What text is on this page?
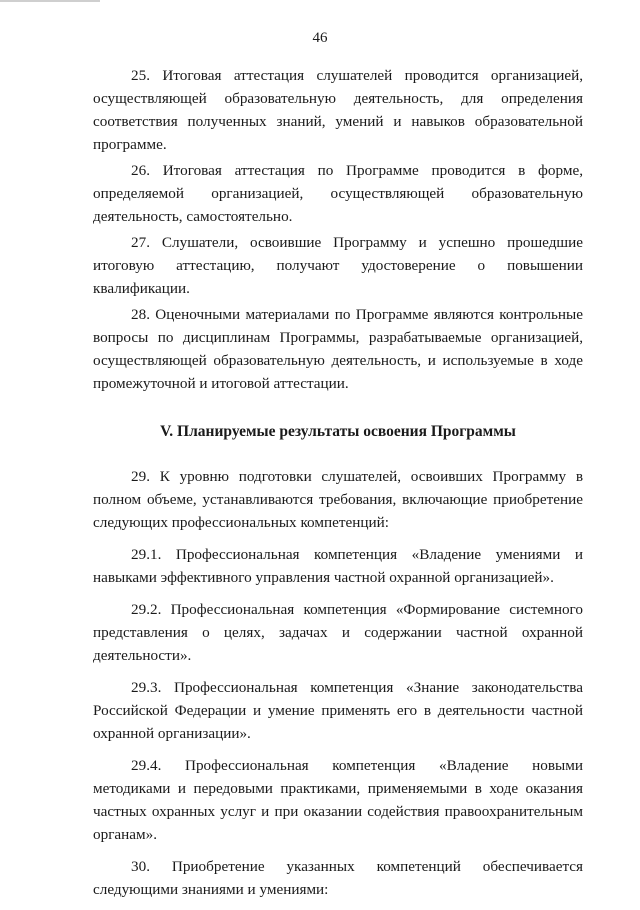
46

25. Итоговая аттестация слушателей проводится организацией, осуществляющей образовательную деятельность, для определения соответствия полученных знаний, умений и навыков образовательной программе.

26. Итоговая аттестация по Программе проводится в форме, определяемой организацией, осуществляющей образовательную деятельность, самостоятельно.

27. Слушатели, освоившие Программу и успешно прошедшие итоговую аттестацию, получают удостоверение о повышении квалификации.

28. Оценочными материалами по Программе являются контрольные вопросы по дисциплинам Программы, разрабатываемые организацией, осуществляющей образовательную деятельность, и используемые в ходе промежуточной и итоговой аттестации.

V. Планируемые результаты освоения Программы

29. К уровню подготовки слушателей, освоивших Программу в полном объеме, устанавливаются требования, включающие приобретение следующих профессиональных компетенций:

29.1. Профессиональная компетенция «Владение умениями и навыками эффективного управления частной охранной организацией».

29.2. Профессиональная компетенция «Формирование системного представления о целях, задачах и содержании частной охранной деятельности».

29.3. Профессиональная компетенция «Знание законодательства Российской Федерации и умение применять его в деятельности частной охранной организации».

29.4. Профессиональная компетенция «Владение новыми методиками и передовыми практиками, применяемыми в ходе оказания частных охранных услуг и при оказании содействия правоохранительным органам».

30. Приобретение указанных компетенций обеспечивается следующими знаниями и умениями:
